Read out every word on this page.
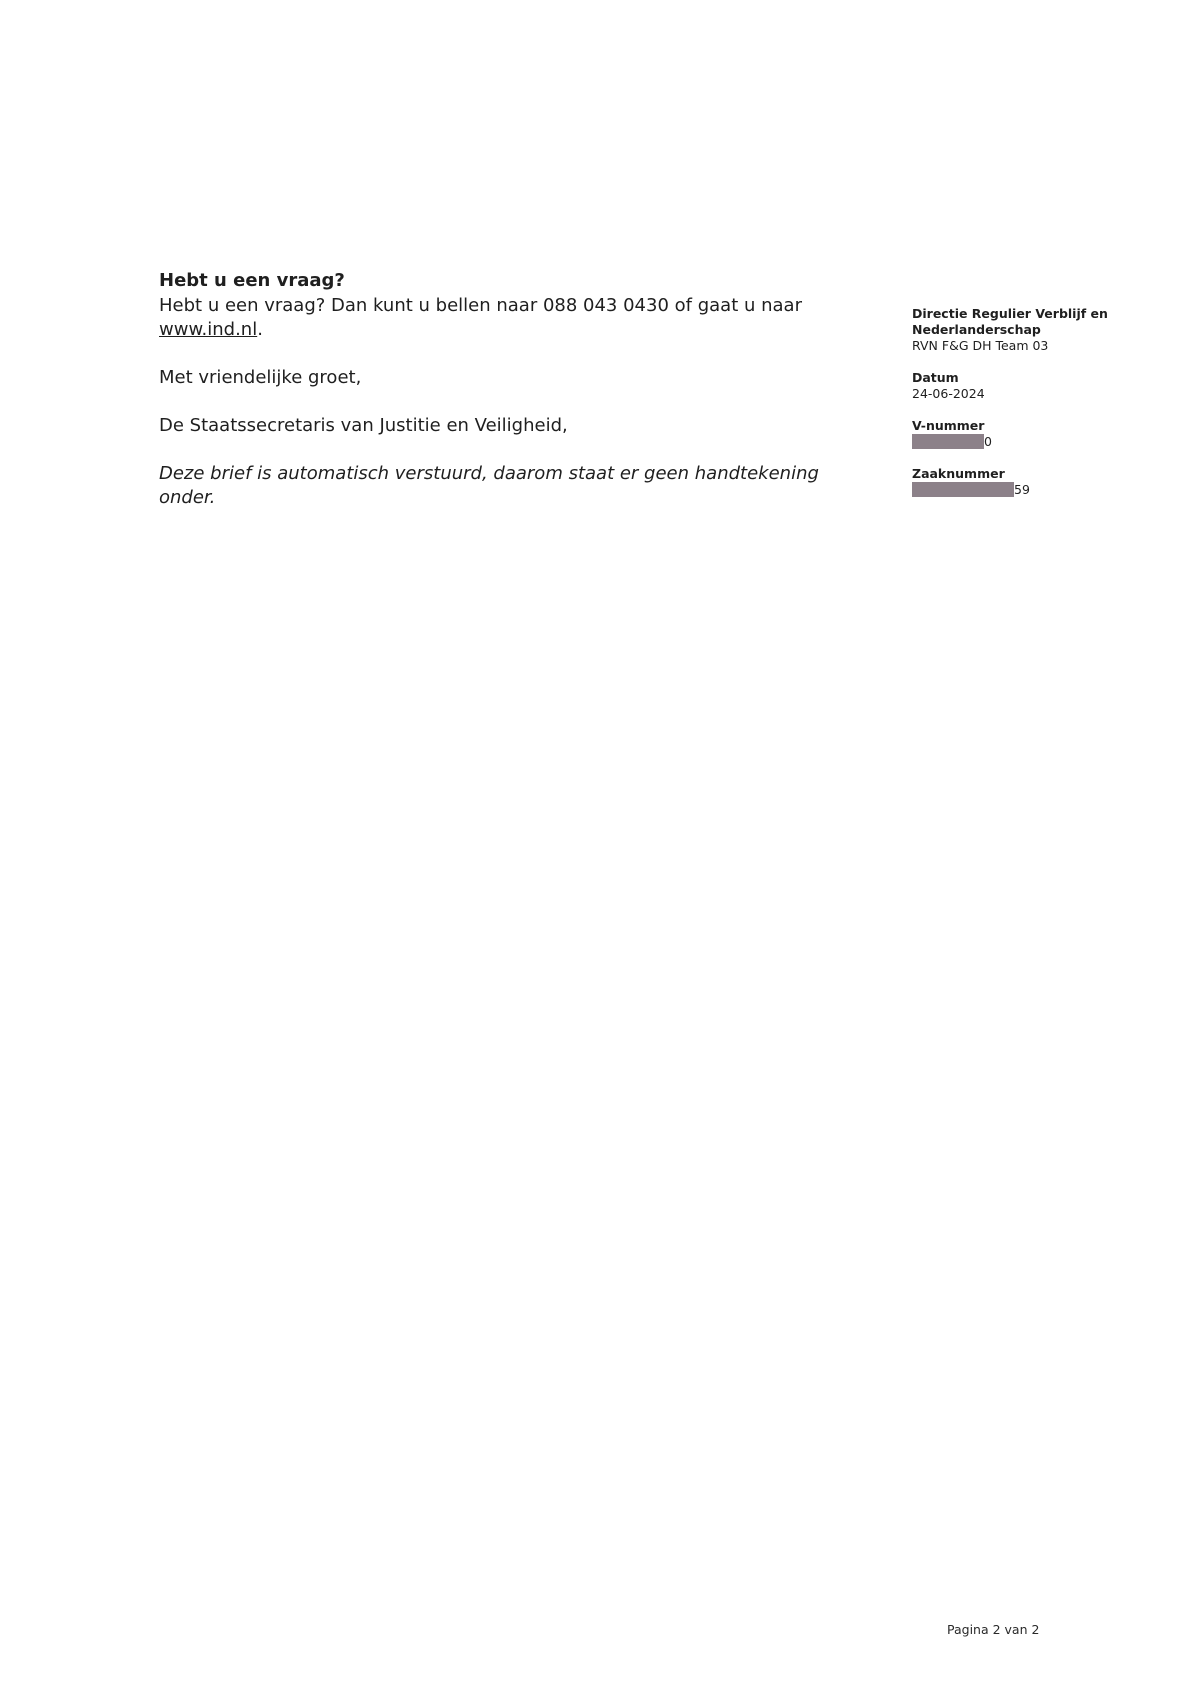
Hebt u een vraag?

Hebt u een vraag? Dan kunt u bellen naar 088 043 0430 of gaat u naar
www.ind.nl.

Met vriendelijke groet,

De Staatssecretaris van Justitie en Veiligheid,

Deze brief is automatisch verstuurd, daarom staat er geen handtekening onder.

Directie Regulier Verblijf en
Nederlanderschap
RVN F&G DH Team 03
Datum
24-06-2024
V-nummer
0
Zaaknummer
59
Pagina 2 van 2
